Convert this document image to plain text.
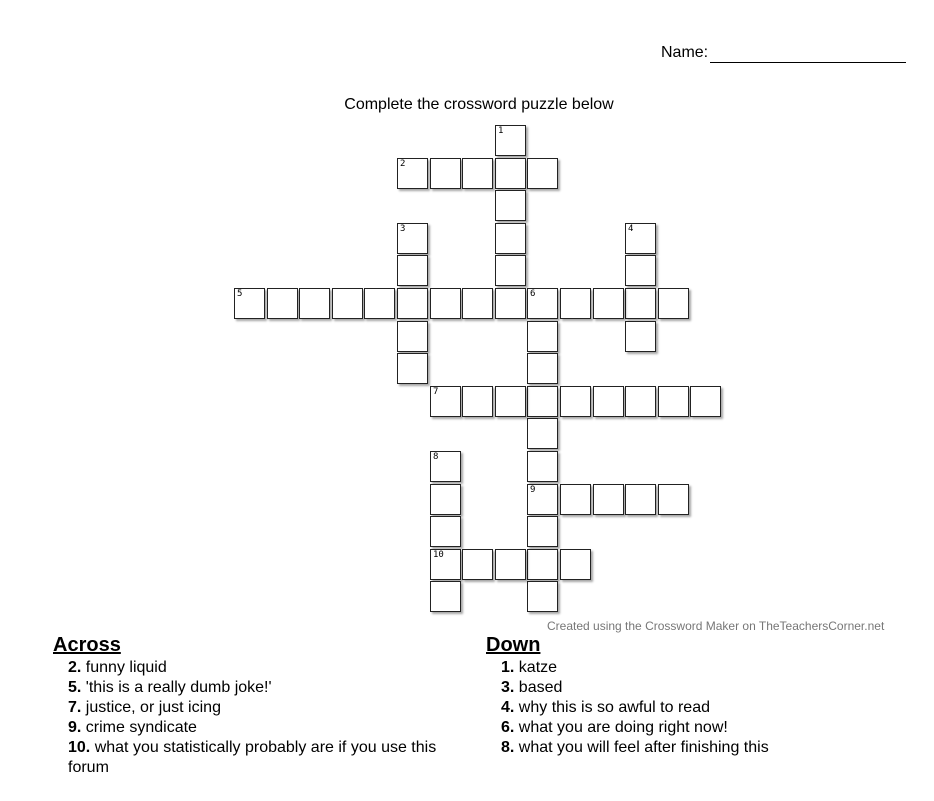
Name:
Complete the crossword puzzle below
1
2
3	4
5	6
9
7
8
10
Created using the Crossword Maker on TheTeachersCorner.net
Across
2. funny liquid
5. 'this is a really dumb joke!'
7. justice, or just icing
9. crime syndicate
10. what you statistically probably are if you use this forum
Down
1. katze
3. based
4. why this is so awful to read
6. what you are doing right now!
8. what you will feel after finishing this
